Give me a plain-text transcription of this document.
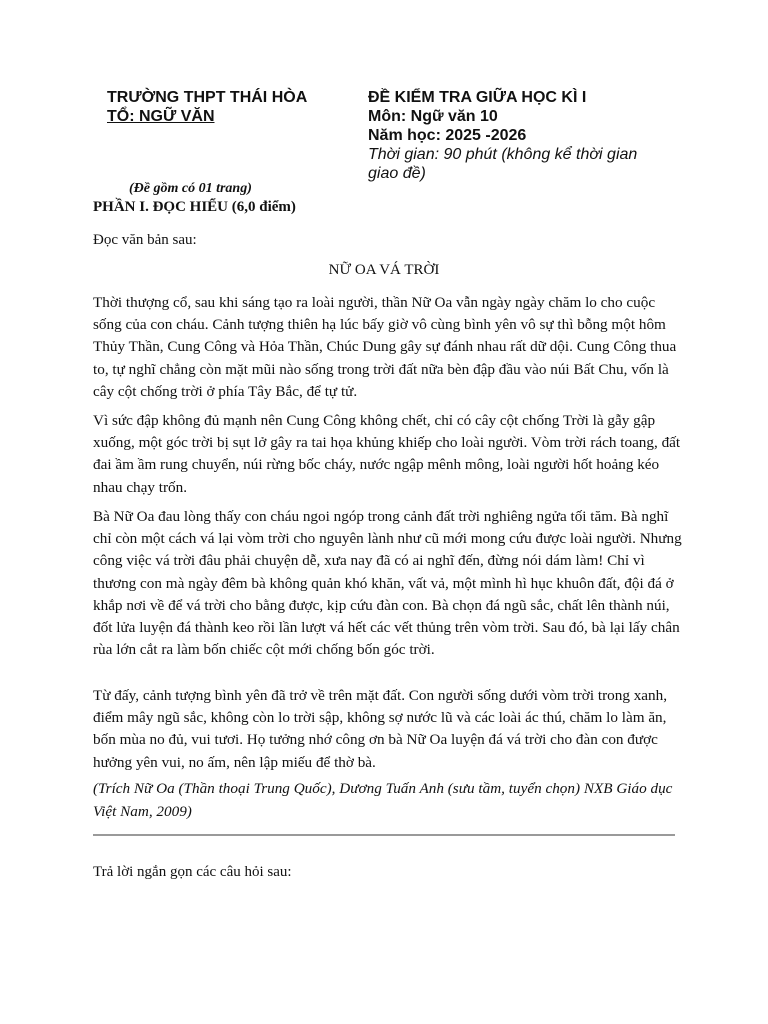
TRƯỜNG THPT THÁI HÒA
TỔ: NGỮ VĂN
ĐỀ KIỂM TRA GIỮA HỌC KÌ I
Môn: Ngữ văn 10
Năm học: 2025 -2026
Thời gian: 90 phút (không kể thời gian giao đề)
(Đề gồm có 01 trang)
PHẦN I. ĐỌC HIỂU (6,0 điểm)
Đọc văn bản sau:
NỮ OA VÁ TRỜI

Thời thượng cổ, sau khi sáng tạo ra loài người, thần Nữ Oa vẫn ngày ngày chăm lo cho cuộc sống của con cháu. Cảnh tượng thiên hạ lúc bấy giờ vô cùng bình yên vô sự thì bỗng một hôm Thủy Thần, Cung Công và Hỏa Thần, Chúc Dung gây sự đánh nhau rất dữ dội. Cung Công thua to, tự nghĩ chẳng còn mặt mũi nào sống trong trời đất nữa bèn đập đầu vào núi Bất Chu, vốn là cây cột chống trời ở phía Tây Bắc, để tự tử.

Vì sức đập không đủ mạnh nên Cung Công không chết, chỉ có cây cột chống Trời là gẫy gập xuống, một góc trời bị sụt lở gây ra tai họa khủng khiếp cho loài người. Vòm trời rách toang, đất đai ầm ầm rung chuyển, núi rừng bốc cháy, nước ngập mênh mông, loài người hốt hoảng kéo nhau chạy trốn.

Bà Nữ Oa đau lòng thấy con cháu ngoi ngóp trong cảnh đất trời nghiêng ngửa tối tăm. Bà nghĩ chỉ còn một cách vá lại vòm trời cho nguyên lành như cũ mới mong cứu được loài người. Nhưng công việc vá trời đâu phải chuyện dễ, xưa nay đã có ai nghĩ đến, đừng nói dám làm! Chỉ vì thương con mà ngày đêm bà không quản khó khăn, vất vả, một mình hì hục khuôn đất, đội đá ở khắp nơi về để vá trời cho bằng được, kịp cứu đàn con. Bà chọn đá ngũ sắc, chất lên thành núi, đốt lửa luyện đá thành keo rồi lần lượt vá hết các vết thủng trên vòm trời. Sau đó, bà lại lấy chân rùa lớn cắt ra làm bốn chiếc cột mới chống bốn góc trời.

Từ đấy, cảnh tượng bình yên đã trở về trên mặt đất. Con người sống dưới vòm trời trong xanh, điểm mây ngũ sắc, không còn lo trời sập, không sợ nước lũ và các loài ác thú, chăm lo làm ăn, bốn mùa no đủ, vui tươi. Họ tưởng nhớ công ơn bà Nữ Oa luyện đá vá trời cho đàn con được hưởng yên vui, no ấm, nên lập miếu để thờ bà.

(Trích Nữ Oa (Thần thoại Trung Quốc), Dương Tuấn Anh (sưu tầm, tuyển chọn) NXB Giáo dục Việt Nam, 2009)
Trả lời ngắn gọn các câu hỏi sau:
